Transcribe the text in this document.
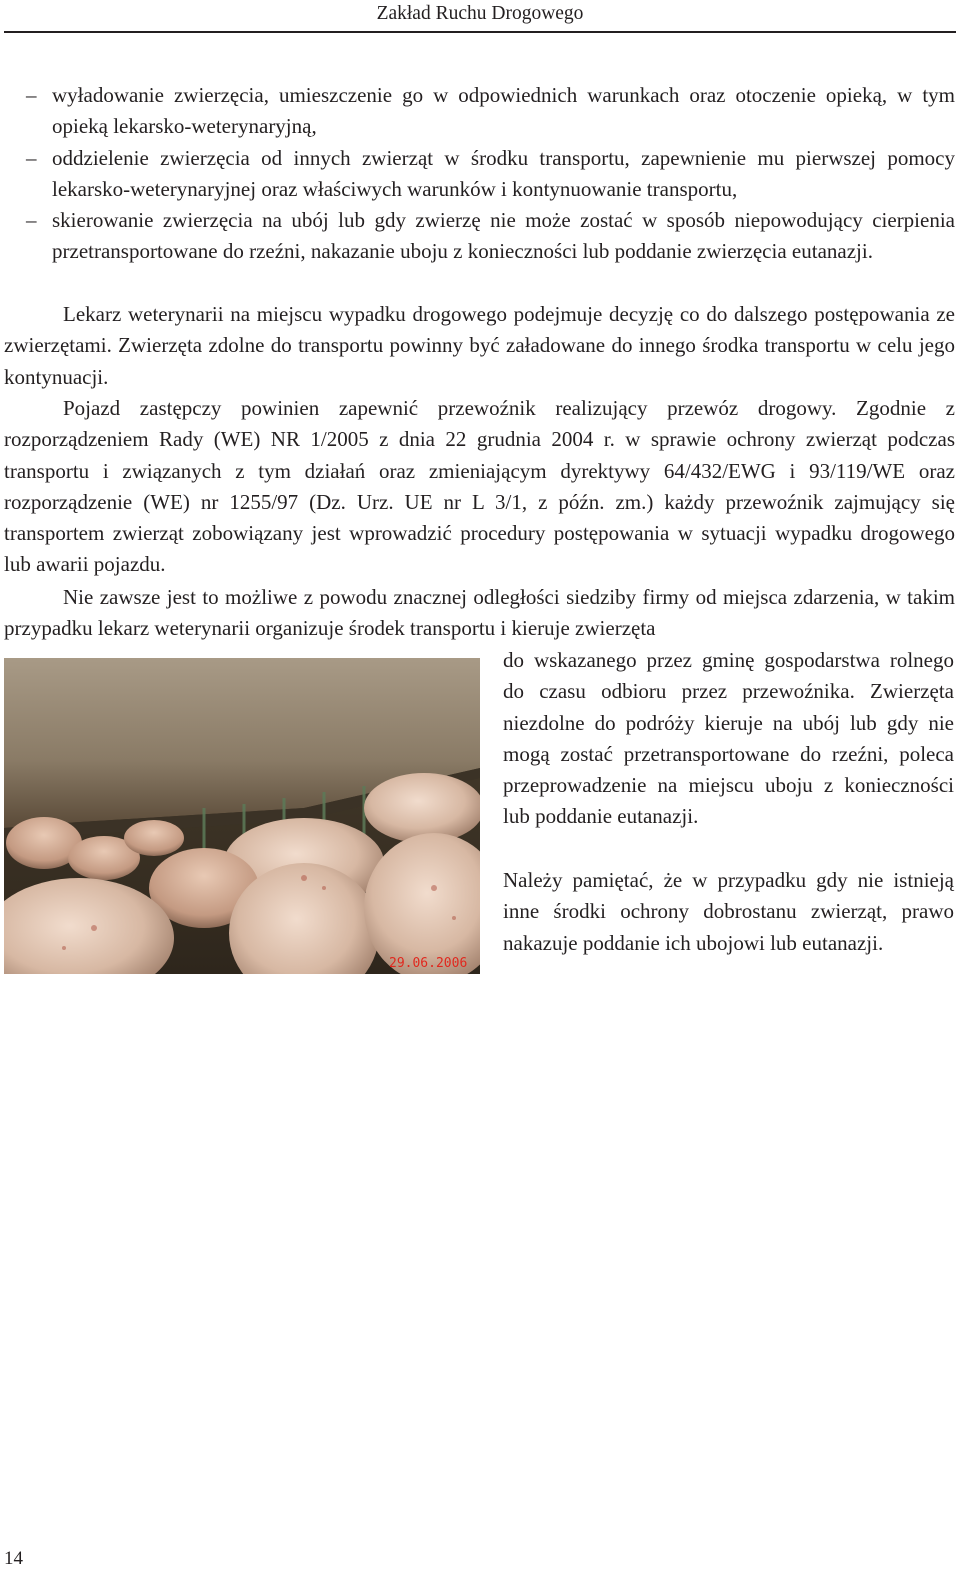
Zakład Ruchu Drogowego
– wyładowanie zwierzęcia, umieszczenie go w odpowiednich warunkach oraz otoczenie opieką, w tym opieką lekarsko-weterynaryjną,
– oddzielenie zwierzęcia od innych zwierząt w środku transportu, zapewnienie mu pierwszej pomocy lekarsko-weterynaryjnej oraz właściwych warunków i kontynuowanie transportu,
– skierowanie zwierzęcia na ubój lub gdy zwierzę nie może zostać w sposób niepowodujący cierpienia przetransportowane do rzeźni, nakazanie uboju z konieczności lub poddanie zwierzęcia eutanazji.

Lekarz weterynarii na miejscu wypadku drogowego podejmuje decyzję co do dalszego postępowania ze zwierzętami. Zwierzęta zdolne do transportu powinny być załadowane do innego środka transportu w celu jego kontynuacji.

Pojazd zastępczy powinien zapewnić przewoźnik realizujący przewóz drogowy. Zgodnie z rozporządzeniem Rady (WE) NR 1/2005 z dnia 22 grudnia 2004 r. w sprawie ochrony zwierząt podczas transportu i związanych z tym działań oraz zmieniającym dyrektywy 64/432/EWG i 93/119/WE oraz rozporządzenie (WE) nr 1255/97 (Dz. Urz. UE nr L 3/1, z późn. zm.) każdy przewoźnik zajmujący się transportem zwierząt zobowiązany jest wprowadzić procedury postępowania w sytuacji wypadku drogowego lub awarii pojazdu.

Nie zawsze jest to możliwe z powodu znacznej odległości siedziby firmy od miejsca zdarzenia, w takim przypadku lekarz weterynarii organizuje środek transportu i kieruje zwierzęta

29.06.2006

do wskazanego przez gminę gospodarstwa rolnego do czasu odbioru przez przewoźnika. Zwierzęta niezdolne do podróży kieruje na ubój lub gdy nie mogą zostać przetransportowane do rzeźni, poleca przeprowadzenie na miejscu uboju z konieczności lub poddanie eutanazji.

Należy pamiętać, że w przypadku gdy nie istnieją inne środki ochrony dobrostanu zwierząt, prawo nakazuje poddanie ich ubojowi lub eutanazji.

14
